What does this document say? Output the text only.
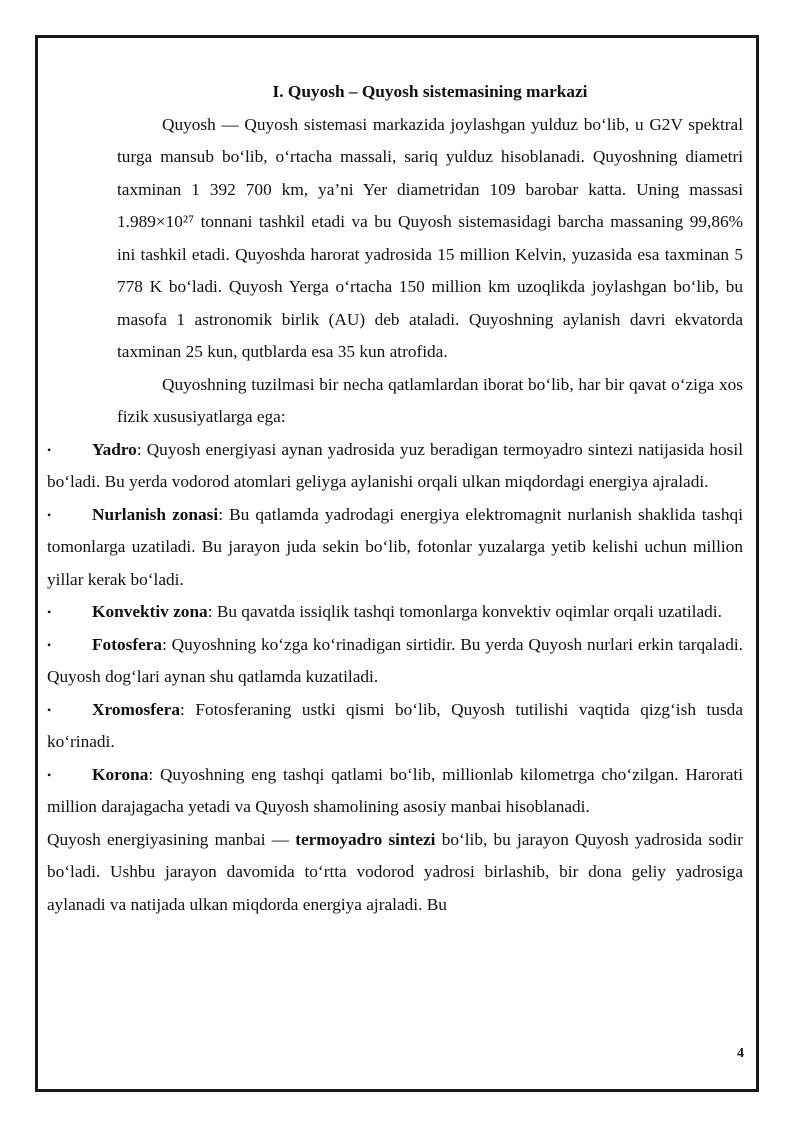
I. Quyosh – Quyosh sistemasining markazi

Quyosh — Quyosh sistemasi markazida joylashgan yulduz bo‘lib, u G2V spektral turga mansub bo‘lib, o‘rtacha massali, sariq yulduz hisoblanadi. Quyoshning diametri taxminan 1 392 700 km, ya’ni Yer diametridan 109 barobar katta. Uning massasi 1.989×10²⁷ tonnani tashkil etadi va bu Quyosh sistemasidagi barcha massaning 99,86% ini tashkil etadi. Quyoshda harorat yadrosida 15 million Kelvin, yuzasida esa taxminan 5 778 K bo‘ladi. Quyosh Yerga o‘rtacha 150 million km uzoqlikda joylashgan bo‘lib, bu masofa 1 astronomik birlik (AU) deb ataladi. Quyoshning aylanish davri ekvatorda taxminan 25 kun, qutblarda esa 35 kun atrofida.

Quyoshning tuzilmasi bir necha qatlamlardan iborat bo‘lib, har bir qavat o‘ziga xos fizik xususiyatlarga ega:

• Yadro: Quyosh energiyasi aynan yadrosida yuz beradigan termoyadro sintezi natijasida hosil bo‘ladi. Bu yerda vodorod atomlari geliyga aylanishi orqali ulkan miqdordagi energiya ajraladi.

• Nurlanish zonasi: Bu qatlamda yadrodagi energiya elektromagnit nurlanish shaklida tashqi tomonlarga uzatiladi. Bu jarayon juda sekin bo‘lib, fotonlar yuzalarga yetib kelishi uchun million yillar kerak bo‘ladi.

• Konvektiv zona: Bu qavatda issiqlik tashqi tomonlarga konvektiv oqimlar orqali uzatiladi.

• Fotosfera: Quyoshning ko‘zga ko‘rinadigan sirtidir. Bu yerda Quyosh nurlari erkin tarqaladi. Quyosh dog‘lari aynan shu qatlamda kuzatiladi.

• Xromosfera: Fotosferaning ustki qismi bo‘lib, Quyosh tutilishi vaqtida qizg‘ish tusda ko‘rinadi.

• Korona: Quyoshning eng tashqi qatlami bo‘lib, millionlab kilometrga cho‘zilgan. Harorati million darajagacha yetadi va Quyosh shamolining asosiy manbai hisoblanadi.

Quyosh energiyasining manbai — termoyadro sintezi bo‘lib, bu jarayon Quyosh yadrosida sodir bo‘ladi. Ushbu jarayon davomida to‘rtta vodorod yadrosi birlashib, bir dona geliy yadrosiga aylanadi va natijada ulkan miqdorda energiya ajraladi. Bu

4
